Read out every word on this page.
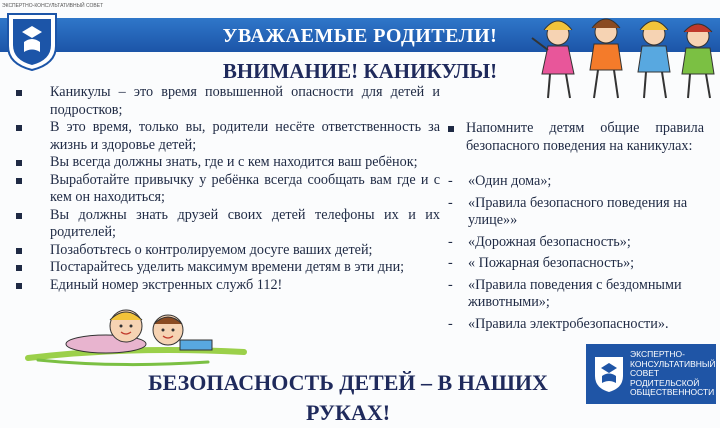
ЭКСПЕРТНО-КОНСУЛЬТАТИВНЫЙ СОВЕТ
УВАЖАЕМЫЕ РОДИТЕЛИ!
ВНИМАНИЕ! КАНИКУЛЫ!
Каникулы – это время повышенной опасности для детей и подростков;
В это время, только вы, родители несёте ответственность за жизнь и здоровье детей;
Вы всегда должны знать, где и с кем находится ваш ребёнок;
Выработайте привычку у ребёнка всегда сообщать вам где и с кем он находиться;
Вы должны знать друзей своих детей телефоны их и их родителей;
Позаботьтесь о контролируемом досуге ваших детей;
Постарайтесь уделить максимум времени детям в эти дни;
Единый номер экстренных служб 112!
Напомните детям общие правила безопасного поведения на каникулах:
- «Один дома»;
- «Правила безопасного поведения на улице»»
- «Дорожная безопасность»;
- « Пожарная безопасность»;
- «Правила поведения с бездомными животными»;
- «Правила электробезопасности».
БЕЗОПАСНОСТЬ ДЕТЕЙ – В НАШИХ РУКАХ!
ЭКСПЕРТНО-
КОНСУЛЬТАТИВНЫЙ
СОВЕТ
РОДИТЕЛЬСКОЙ
ОБЩЕСТВЕННОСТИ
